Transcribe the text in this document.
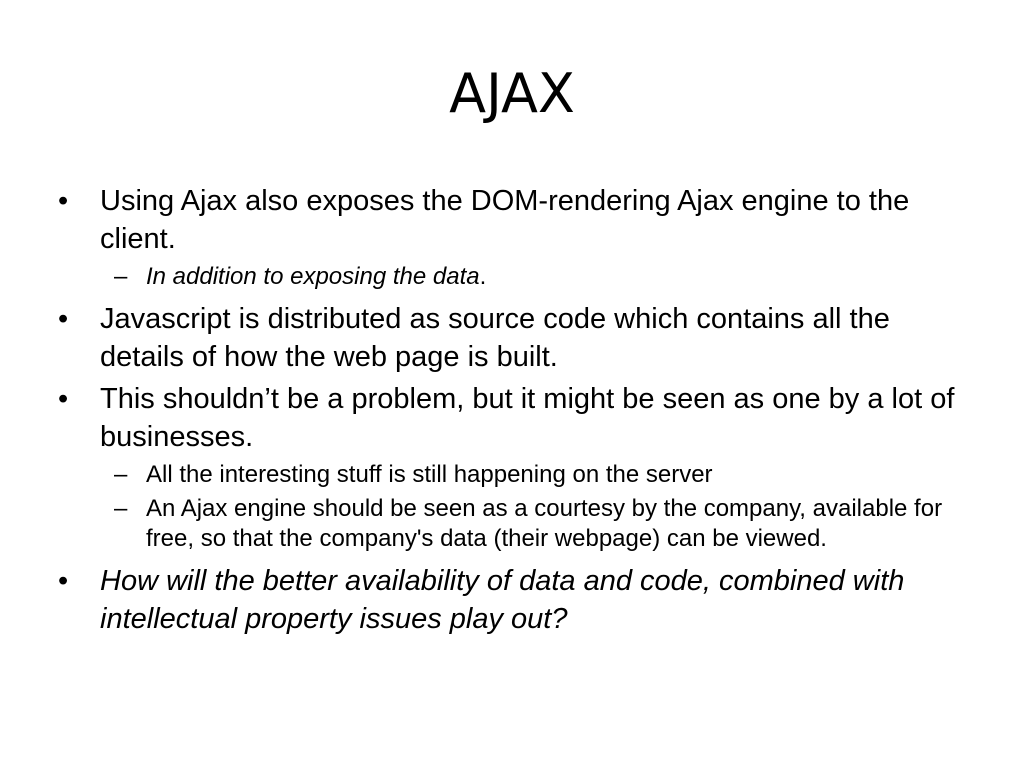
AJAX

•	Using Ajax also exposes the DOM-rendering Ajax engine to the client.

– In addition to exposing the data.

•	Javascript is distributed as source code which contains all the details of how the web page is built.

•	This shouldn’t be a problem, but it might be seen as one by a lot of businesses.

– All the interesting stuff is still happening on the server

– An Ajax engine should be seen as a courtesy by the company, available for free, so that the company's data (their webpage) can be viewed.

•	How will the better availability of data and code, combined with intellectual property issues play out?
